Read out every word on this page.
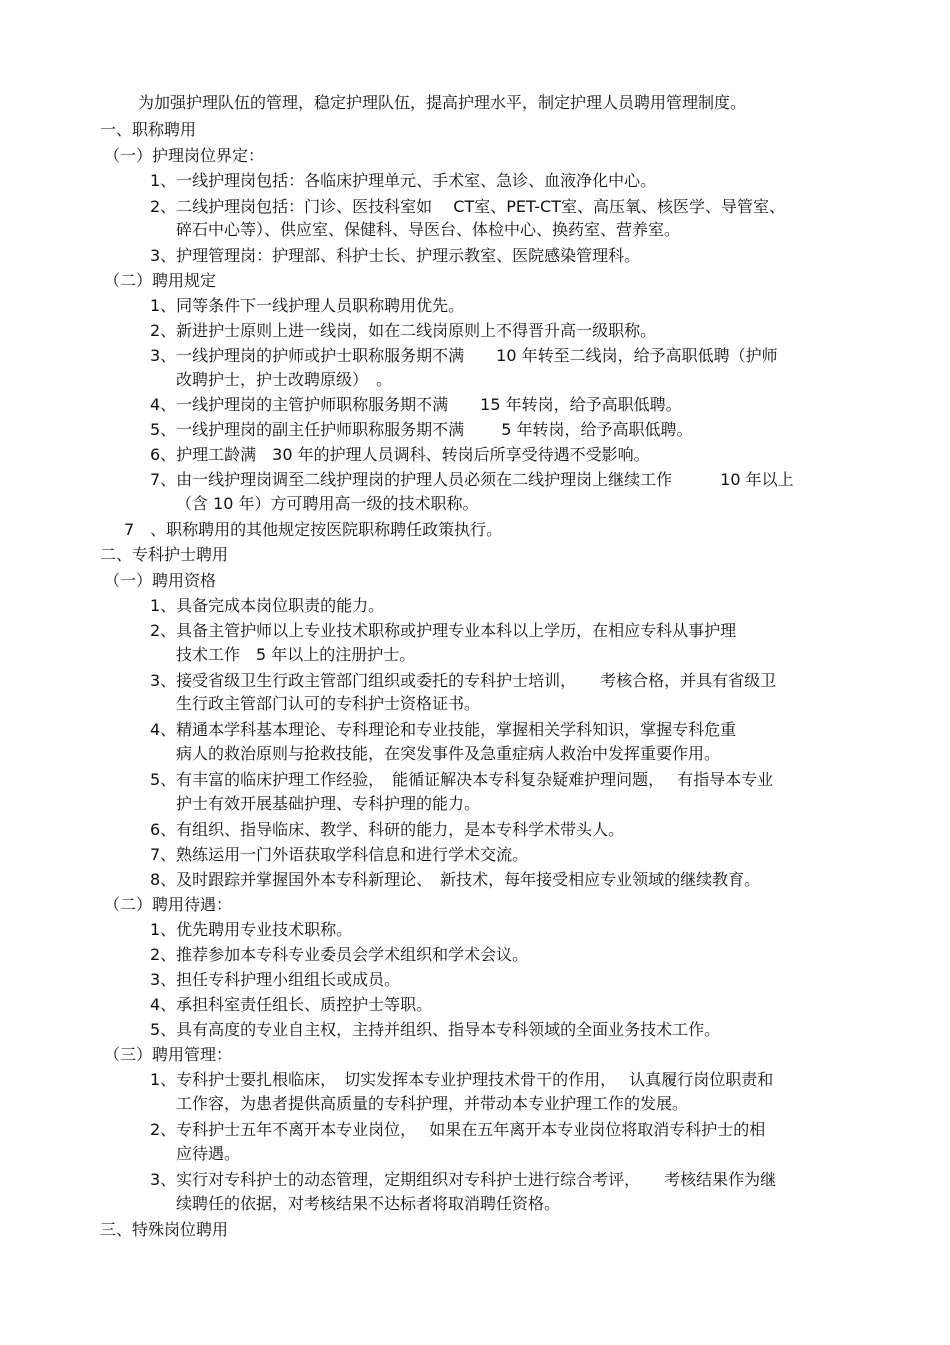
为加强护理队伍的管理，稳定护理队伍，提高护理水平，制定护理人员聘用管理制度。
一、职称聘用
（一）护理岗位界定：
1、一线护理岗包括：各临床护理单元、手术室、急诊、血液净化中心。
2、二线护理岗包括：门诊、医技科室如　 CT室、PET-CT室、高压氧、核医学、导管室、
碎石中心等）、供应室、保健科、导医台、体检中心、换药室、营养室。
3、护理管理岗：护理部、科护士长、护理示教室、医院感染管理科。
（二）聘用规定
1、同等条件下一线护理人员职称聘用优先。
2、新进护士原则上进一线岗，如在二线岗原则上不得晋升高一级职称。
3、一线护理岗的护师或护士职称服务期不满　　10 年转至二线岗，给予高职低聘（护师
改聘护士，护士改聘原级）　。
4、一线护理岗的主管护师职称服务期不满　　15 年转岗，给予高职低聘。
5、一线护理岗的副主任护师职称服务期不满　　 5 年转岗，给予高职低聘。
6、护理工龄满　30 年的护理人员调科、转岗后所享受待遇不受影响。
7、由一线护理岗调至二线护理岗的护理人员必须在二线护理岗上继续工作　　　10 年以上
（含 10 年）方可聘用高一级的技术职称。
7　、职称聘用的其他规定按医院职称聘任政策执行。
二、专科护士聘用
（一）聘用资格
1、具备完成本岗位职责的能力。
2、具备主管护师以上专业技术职称或护理专业本科以上学历，在相应专科从事护理
技术工作　5 年以上的注册护士。
3、接受省级卫生行政主管部门组织或委托的专科护士培训，　　考核合格，并具有省级卫
生行政主管部门认可的专科护士资格证书。
4、精通本学科基本理论、专科理论和专业技能，掌握相关学科知识，掌握专科危重
病人的救治原则与抢救技能，在突发事件及急重症病人救治中发挥重要作用。
5、有丰富的临床护理工作经验，　能循证解决本专科复杂疑难护理问题，　 有指导本专业
护士有效开展基础护理、专科护理的能力。
6、有组织、指导临床、教学、科研的能力，是本专科学术带头人。
7、熟练运用一门外语获取学科信息和进行学术交流。
8、及时跟踪并掌握国外本专科新理论、　新技术，每年接受相应专业领域的继续教育。
（二）聘用待遇：
1、优先聘用专业技术职称。
2、推荐参加本专科专业委员会学术组织和学术会议。
3、担任专科护理小组组长或成员。
4、承担科室责任组长、质控护士等职。
5、具有高度的专业自主权，主持并组织、指导本专科领域的全面业务技术工作。
（三）聘用管理：
1、专科护士要扎根临床，　切实发挥本专业护理技术骨干的作用，　 认真履行岗位职责和
工作容，为患者提供高质量的专科护理，并带动本专业护理工作的发展。
2、专科护士五年不离开本专业岗位，　 如果在五年离开本专业岗位将取消专科护士的相
应待遇。
3、实行对专科护士的动态管理，定期组织对专科护士进行综合考评，　　考核结果作为继
续聘任的依据，对考核结果不达标者将取消聘任资格。
三、特殊岗位聘用
